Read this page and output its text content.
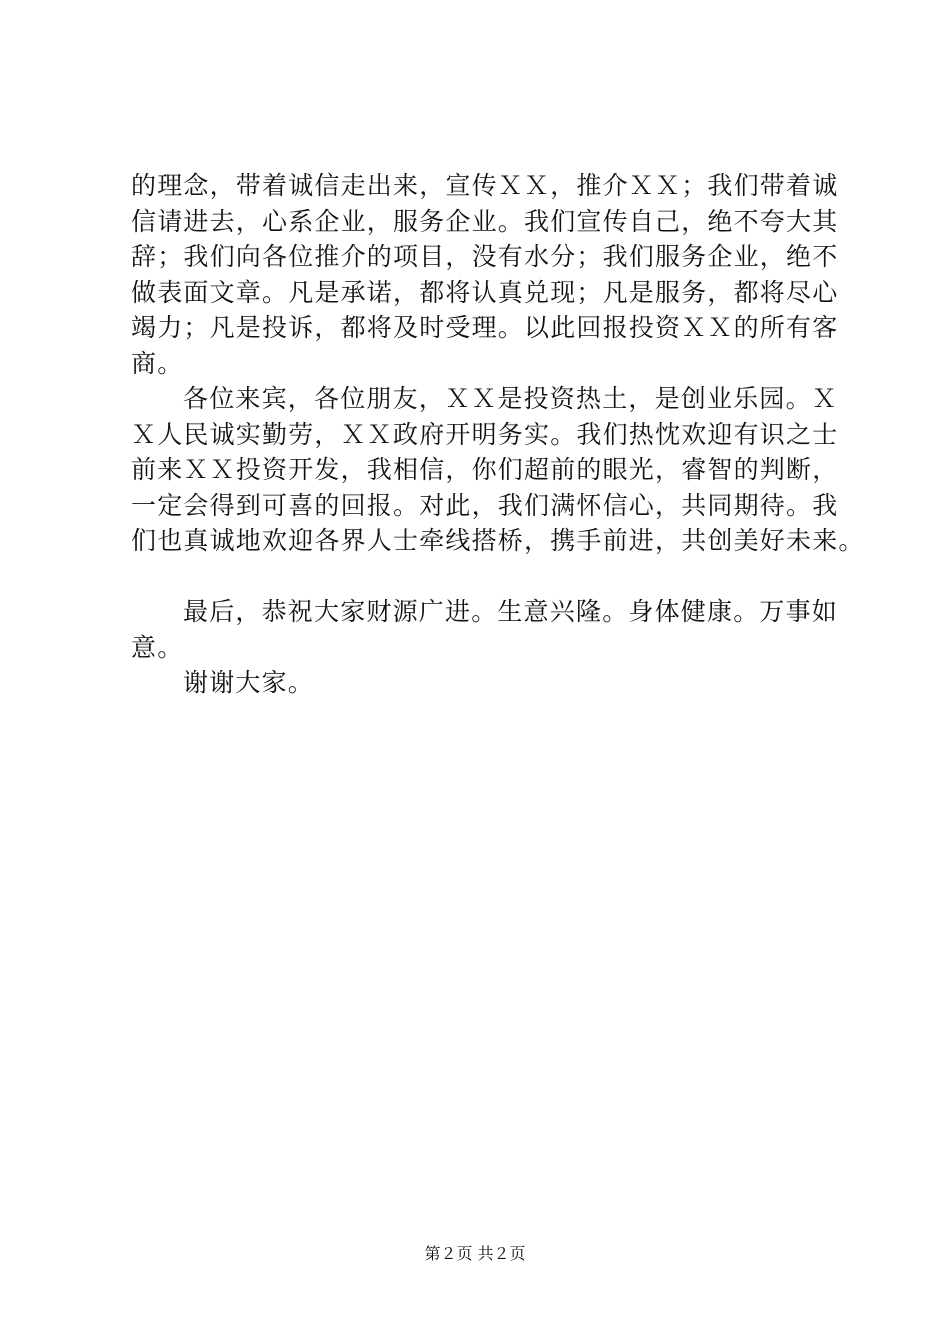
的理念，带着诚信走出来，宣传ＸＸ，推介ＸＸ；我们带着诚
信请进去，心系企业，服务企业。我们宣传自己，绝不夸大其
辞；我们向各位推介的项目，没有水分；我们服务企业，绝不
做表面文章。凡是承诺，都将认真兑现；凡是服务，都将尽心
竭力；凡是投诉，都将及时受理。以此回报投资ＸＸ的所有客
商。
各位来宾，各位朋友，ＸＸ是投资热土，是创业乐园。Ｘ
Ｘ人民诚实勤劳，ＸＸ政府开明务实。我们热忱欢迎有识之士
前来ＸＸ投资开发，我相信，你们超前的眼光，睿智的判断，
一定会得到可喜的回报。对此，我们满怀信心，共同期待。我
们也真诚地欢迎各界人士牵线搭桥，携手前进，共创美好未来。
最后，恭祝大家财源广进。生意兴隆。身体健康。万事如
意。
谢谢大家。
第２页 共２页
